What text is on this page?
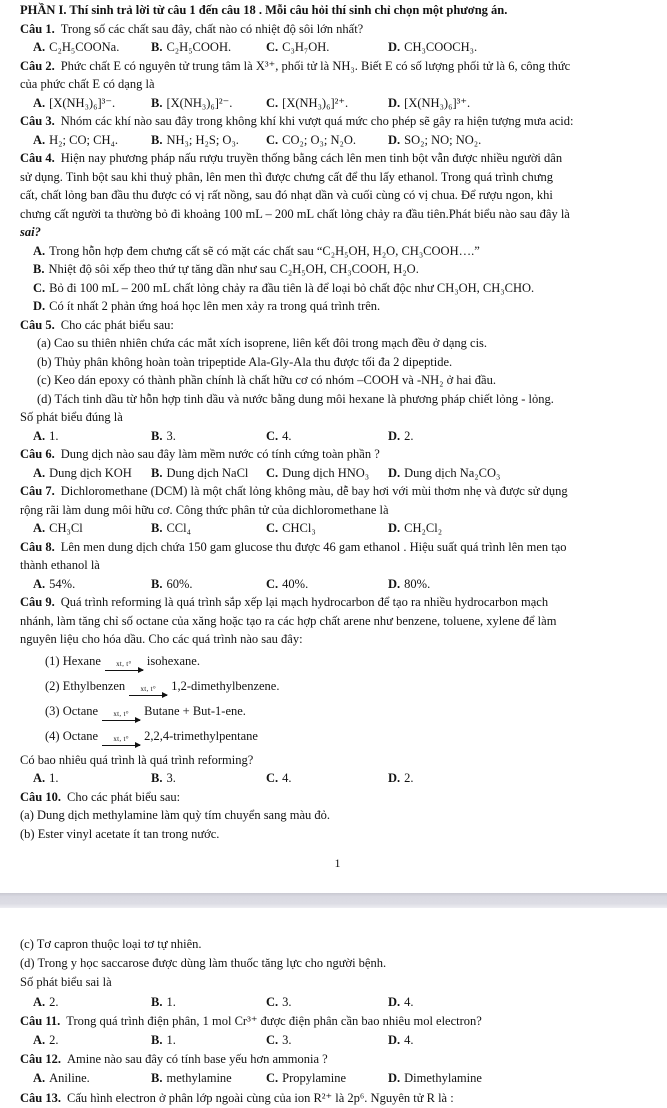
PHẦN I. Thí sinh trả lời từ câu 1 đến câu 18 . Mỗi câu hỏi thí sinh chỉ chọn một phương án.

Câu 1. Trong số các chất sau đây, chất nào có nhiệt độ sôi lớn nhất?

A. C₂H₅COONa.	B. C₂H₅COOH.	C. C₃H₇OH.	D. CH₃COOCH₃.

Câu 2. Phức chất E có nguyên tử trung tâm là X³⁺, phối tử là NH₃. Biết E có số lượng phối tử là 6, công thức

của phức chất E có dạng là

A. [X(NH₃)₆]³⁻.	B. [X(NH₃)₆]²⁻.	C. [X(NH₃)₆]²⁺.	D. [X(NH₃)₆]³⁺.

Câu 3. Nhóm các khí nào sau đây trong không khí khi vượt quá mức cho phép sẽ gây ra hiện tượng mưa acid:

A. H₂; CO; CH₄.	B. NH₃; H₂S; O₃. C. CO₂; O₃; N₂O.	D. SO₂; NO; NO₂.

Câu 4. Hiện nay phương pháp nấu rượu truyền thống bằng cách lên men tinh bột vẫn được nhiều người dân

sử dụng. Tinh bột sau khi thuỷ phân, lên men thì được chưng cất để thu lấy ethanol. Trong quá trình chưng

cất, chất lỏng ban đầu thu được có vị rất nồng, sau đó nhạt dần và cuối cùng có vị chua. Để rượu ngon, khi

chưng cất người ta thường bỏ đi khoảng 100 mL – 200 mL chất lỏng chảy ra đầu tiên.Phát biểu nào sau đây là

sai?

A. Trong hỗn hợp đem chưng cất sẽ có mặt các chất sau “C₂H₅OH, H₂O, CH₃COOH….”

B. Nhiệt độ sôi xếp theo thứ tự tăng dần như sau C₂H₅OH, CH₃COOH, H₂O.

C. Bỏ đi 100 mL – 200 mL chất lỏng chảy ra đầu tiên là để loại bỏ chất độc như CH₃OH, CH₃CHO.

D. Có ít nhất 2 phản ứng hoá học lên men xảy ra trong quá trình trên.

Câu 5. Cho các phát biểu sau:

(a) Cao su thiên nhiên chứa các mắt xích isoprene, liên kết đôi trong mạch đều ở dạng cis.

(b) Thủy phân không hoàn toàn tripeptide Ala-Gly-Ala thu được tối đa 2 dipeptide.

(c) Keo dán epoxy có thành phần chính là chất hữu cơ có nhóm –COOH và -NH₂ ở hai đầu.

(d) Tách tinh dầu từ hỗn hợp tinh dầu và nước bằng dung môi hexane là phương pháp chiết lỏng - lỏng.

Số phát biểu đúng là

A. 1.	B. 3.	C. 4.	D. 2.

Câu 6. Dung dịch nào sau đây làm mềm nước có tính cứng toàn phần ?

A. Dung dịch KOH B. Dung dịch NaCl C. Dung dịch HNO₃ D. Dung dịch Na₂CO₃

Câu 7. Dichloromethane (DCM) là một chất lỏng không màu, dễ bay hơi với mùi thơm nhẹ và được sử dụng

rộng rãi làm dung môi hữu cơ. Công thức phân tử của dichloromethane là

A. CH₃Cl	B. CCl₄	C. CHCl₃	D. CH₂Cl₂

Câu 8. Lên men dung dịch chứa 150 gam glucose thu được 46 gam ethanol . Hiệu suất quá trình lên men tạo

thành ethanol là

A. 54%.	B. 60%.	C. 40%.	D. 80%.

Câu 9. Quá trình reforming là quá trình sắp xếp lại mạch hydrocarbon để tạo ra nhiều hydrocarbon mạch

nhánh, làm tăng chỉ số octane của xăng hoặc tạo ra các hợp chất arene như benzene, toluene, xylene để làm

nguyên liệu cho hóa dầu. Cho các quá trình nào sau đây:

(1) Hexane	xt, t°	isohexane.

(2) Ethylbenzen	xt, t°	1,2-dimethylbenzene.

(3) Octane	xt, t°	Butane + But-1-ene.

(4) Octane	xt, t°	2,2,4-trimethylpentane

Có bao nhiêu quá trình là quá trình reforming?

A. 1.	B. 3.	C. 4.	D. 2.

Câu 10. Cho các phát biểu sau:

(a) Dung dịch methylamine làm quỳ tím chuyển sang màu đỏ.

(b) Ester vinyl acetate ít tan trong nước.

1

(c) Tơ capron thuộc loại tơ tự nhiên.

(d) Trong y học saccarose được dùng làm thuốc tăng lực cho người bệnh.

Số phát biểu sai là

A. 2.	B. 1.	C. 3.	D. 4.

Câu 11. Trong quá trình điện phân, 1 mol Cr³⁺ được điện phân cần bao nhiêu mol electron?

A. 2.	B. 1.	C. 3.	D. 4.

Câu 12. Amine nào sau đây có tính base yếu hơn ammonia ?

A. Aniline.	B. methylamine	C. Propylamine	D. Dimethylamine

Câu 13. Cấu hình electron ở phân lớp ngoài cùng của ion R²⁺ là 2p⁶. Nguyên tử R là :
